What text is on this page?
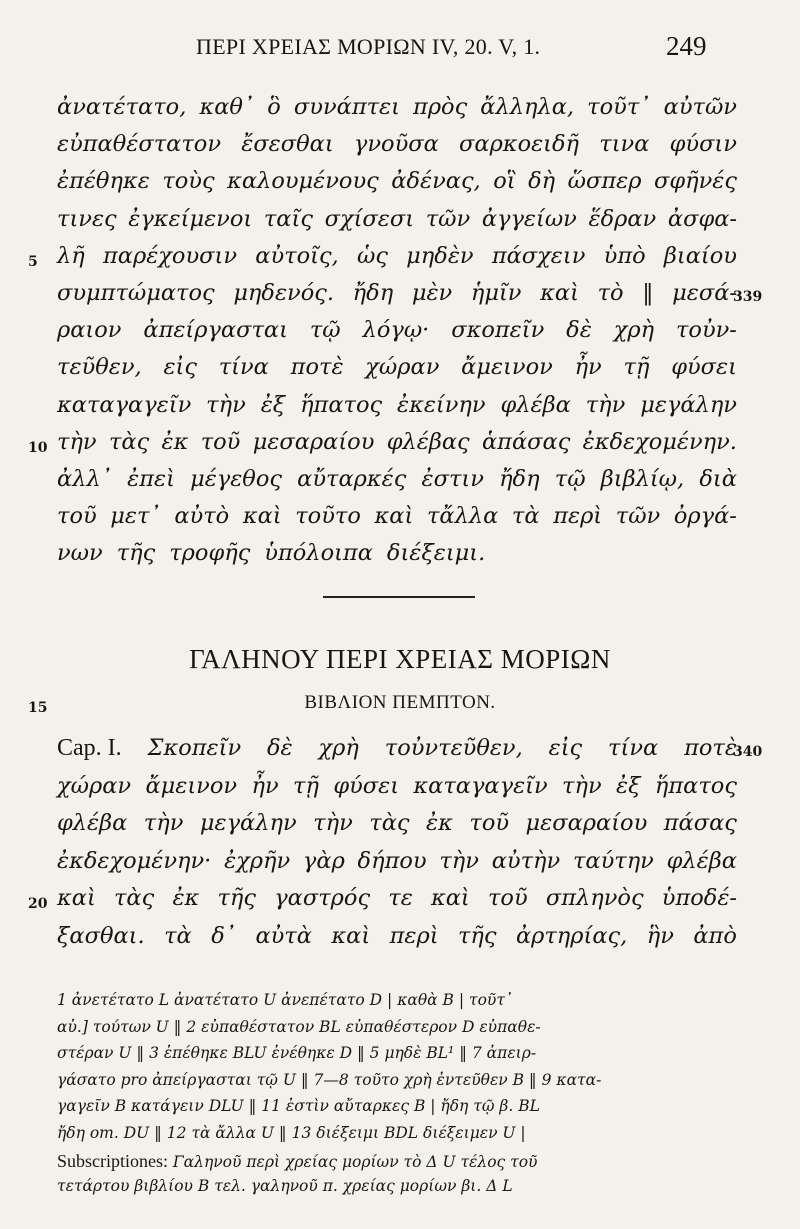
ΠΕΡΙ ΧΡΕΙΑΣ ΜΟΡΙΩΝ IV, 20. V, 1.	249
ἀνατέτατο, καθ᾽ ὃ συνάπτει πρὸς ἄλληλα, τοῦτ᾽ αὐτῶν
εὐπαθέστατον ἔσεσθαι γνοῦσα σαρκοειδῆ τινα φύσιν
ἐπέθηκε τοὺς καλουμένους ἀδένας, οἳ δὴ ὥσπερ σφῆνές
τινες ἐγκείμενοι ταῖς σχίσεσι τῶν ἀγγείων ἕδραν ἀσφα-
λῆ παρέχουσιν αὐτοῖς, ὡς μηδὲν πάσχειν ὑπὸ βιαίου
5
συμπτώματος μηδενός. ἤδη μὲν ἡμῖν καὶ τὸ ‖ μεσά-
339
ραιον ἀπείργασται τῷ λόγῳ· σκοπεῖν δὲ χρὴ τοὐν-
τεῦθεν, εἰς τίνα ποτὲ χώραν ἄμεινον ἦν τῇ φύσει
καταγαγεῖν τὴν ἐξ ἥπατος ἐκείνην φλέβα τὴν μεγάλην
τὴν τὰς ἐκ τοῦ μεσαραίου φλέβας ἁπάσας ἐκδεχομένην.
10
ἀλλ᾽ ἐπεὶ μέγεθος αὔταρκές ἐστιν ἤδη τῷ βιβλίῳ, διὰ
τοῦ μετ᾽ αὐτὸ καὶ τοῦτο καὶ τἄλλα τὰ περὶ τῶν ὀργά-
νων τῆς τροφῆς ὑπόλοιπα διέξειμι.
ΓΑΛΗΝΟΥ ΠΕΡΙ ΧΡΕΙΑΣ ΜΟΡΙΩΝ
15	ΒΙΒΛΙΟΝ ΠΕΜΠΤΟΝ.
Cap. I. Σκοπεῖν δὲ χρὴ τοὐντεῦθεν, εἰς τίνα ποτὲ
340
χώραν ἄμεινον ἦν τῇ φύσει καταγαγεῖν τὴν ἐξ ἥπατος
φλέβα τὴν μεγάλην τὴν τὰς ἐκ τοῦ μεσαραίου πάσας
ἐκδεχομένην· ἐχρῆν γὰρ δήπου τὴν αὐτὴν ταύτην φλέβα
καὶ τὰς ἐκ τῆς γαστρός τε καὶ τοῦ σπληνὸς ὑποδέ-
20
ξασθαι. τὰ δ᾽ αὐτὰ καὶ περὶ τῆς ἀρτηρίας, ἣν ἀπὸ
1 ἀνετέτατο L ἀνατέτατο U ἀνεπέτατο D | καθὰ B | τοῦτ᾽
αὐ.] τούτων U ‖ 2 εὐπαθέστατον BL εὐπαθέστερον D εὐπαθε-
στέραν U ‖ 3 ἐπέθηκε BLU ἐνέθηκε D ‖ 5 μηδὲ BL¹ ‖ 7 ἀπειρ-
γάσατο pro ἀπείργασται τῷ U ‖ 7—8 τοῦτο χρὴ ἐντεῦθεν B ‖ 9 κατα-
γαγεῖν B κατάγειν DLU ‖ 11 ἐστὶν αὔταρκες B | ἤδη τῷ β. BL
ἤδη om. DU ‖ 12 τὰ ἄλλα U ‖ 13 διέξειμι BDL διέξειμεν U |
Subscriptiones: Γαληνοῦ περὶ χρείας μορίων τὸ Δ U τέλος τοῦ
τετάρτου βιβλίου B τελ. γαληνοῦ π. χρείας μορίων βι. Δ L
